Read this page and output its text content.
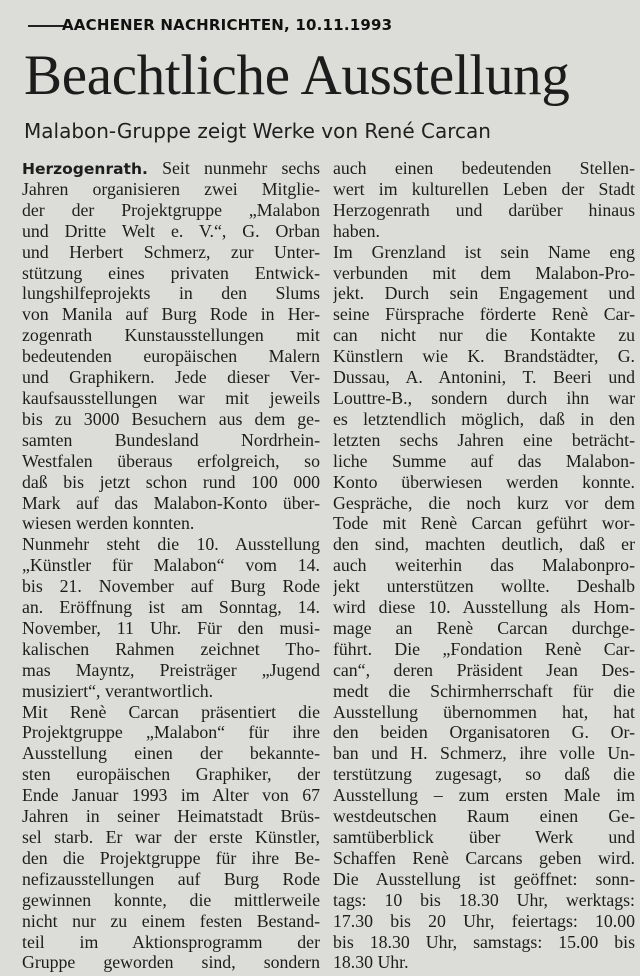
AACHENER NACHRICHTEN, 10.11.1993
Beachtliche Ausstellung
Malabon-Gruppe zeigt Werke von René Carcan
Herzogenrath. Seit nunmehr sechs
Jahren organisieren zwei Mitglie-
der der Projektgruppe „Malabon
und Dritte Welt e. V.“, G. Orban
und Herbert Schmerz, zur Unter-
stützung eines privaten Entwick-
lungshilfeprojekts in den Slums
von Manila auf Burg Rode in Her-
zogenrath Kunstausstellungen mit
bedeutenden europäischen Malern
und Graphikern. Jede dieser Ver-
kaufsausstellungen war mit jeweils
bis zu 3000 Besuchern aus dem ge-
samten Bundesland Nordrhein-
Westfalen überaus erfolgreich, so
daß bis jetzt schon rund 100 000
Mark auf das Malabon-Konto über-
wiesen werden konnten.
Nunmehr steht die 10. Ausstellung
„Künstler für Malabon“ vom 14.
bis 21. November auf Burg Rode
an. Eröffnung ist am Sonntag, 14.
November, 11 Uhr. Für den musi-
kalischen Rahmen zeichnet Tho-
mas Mayntz, Preisträger „Jugend
musiziert“, verantwortlich.
Mit Renè Carcan präsentiert die
Projektgruppe „Malabon“ für ihre
Ausstellung einen der bekannte-
sten europäischen Graphiker, der
Ende Januar 1993 im Alter von 67
Jahren in seiner Heimatstadt Brüs-
sel starb. Er war der erste Künstler,
den die Projektgruppe für ihre Be-
nefizausstellungen auf Burg Rode
gewinnen konnte, die mittlerweile
nicht nur zu einem festen Bestand-
teil im Aktionsprogramm der
Gruppe geworden sind, sondern
auch einen bedeutenden Stellen-
wert im kulturellen Leben der Stadt
Herzogenrath und darüber hinaus
haben.
Im Grenzland ist sein Name eng
verbunden mit dem Malabon-Pro-
jekt. Durch sein Engagement und
seine Fürsprache förderte Renè Car-
can nicht nur die Kontakte zu
Künstlern wie K. Brandstädter, G.
Dussau, A. Antonini, T. Beeri und
Louttre-B., sondern durch ihn war
es letztendlich möglich, daß in den
letzten sechs Jahren eine beträcht-
liche Summe auf das Malabon-
Konto überwiesen werden konnte.
Gespräche, die noch kurz vor dem
Tode mit Renè Carcan geführt wor-
den sind, machten deutlich, daß er
auch weiterhin das Malabonpro-
jekt unterstützen wollte. Deshalb
wird diese 10. Ausstellung als Hom-
mage an Renè Carcan durchge-
führt. Die „Fondation Renè Car-
can“, deren Präsident Jean Des-
medt die Schirmherrschaft für die
Ausstellung übernommen hat, hat
den beiden Organisatoren G. Or-
ban und H. Schmerz, ihre volle Un-
terstützung zugesagt, so daß die
Ausstellung – zum ersten Male im
westdeutschen Raum einen Ge-
samtüberblick über Werk und
Schaffen Renè Carcans geben wird.
Die Ausstellung ist geöffnet: sonn-
tags: 10 bis 18.30 Uhr, werktags:
17.30 bis 20 Uhr, feiertags: 10.00
bis 18.30 Uhr, samstags: 15.00 bis
18.30 Uhr.
